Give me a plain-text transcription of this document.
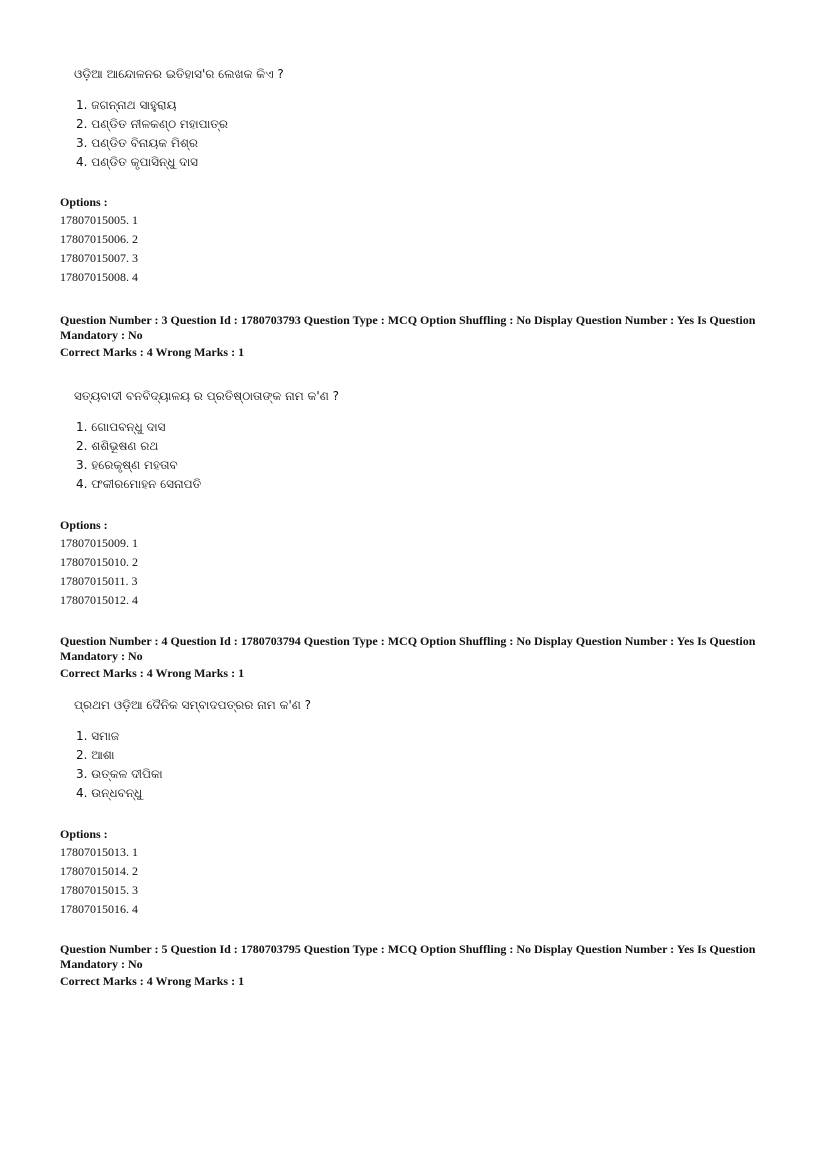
ଓଡ଼ିଆ ଆନ୍ଦୋଳନର ଇତିହାସ'ର ଲେଖକ କିଏ ?
1. ଜଗନ୍ନାଥ ସାହୁରାୟ
2. ପଣ୍ଡିତ ନୀଳକଣ୍ଠ ମହାପାତ୍ର
3. ପଣ୍ଡିତ ବିନାୟକ ମିଶ୍ର
4. ପଣ୍ଡିତ କୃପାସିନ୍ଧୁ ଦାସ
Options :
17807015005. 1
17807015006. 2
17807015007. 3
17807015008. 4
Question Number : 3 Question Id : 1780703793 Question Type : MCQ Option Shuffling : No Display Question Number : Yes Is Question Mandatory : No
Correct Marks : 4 Wrong Marks : 1
ସତ୍ୟବାଦୀ ବନବିଦ୍ୟାଳୟ ର ପ୍ରତିଷ୍ଠାତାଙ୍କ ନାମ କ'ଣ ?
1. ଗୋପବନ୍ଧୁ ଦାସ
2. ଶଶିଭୂଷଣ ରଥ
3. ହରେକୃଷ୍ଣ ମହତାବ
4. ଫକୀରମୋହନ ସେନାପତି
Options :
17807015009. 1
17807015010. 2
17807015011. 3
17807015012. 4
Question Number : 4 Question Id : 1780703794 Question Type : MCQ Option Shuffling : No Display Question Number : Yes Is Question Mandatory : No
Correct Marks : 4 Wrong Marks : 1
ପ୍ରଥମ ଓଡ଼ିଆ ଦୈନିକ ସମ୍ବାଦପତ୍ରର ନାମ କ'ଣ ?
1. ସମାଜ
2. ଆଶା
3. ଉତ୍କଳ ଦୀପିକା
4. ଉନ୍ଧବନ୍ଧୁ
Options :
17807015013. 1
17807015014. 2
17807015015. 3
17807015016. 4
Question Number : 5 Question Id : 1780703795 Question Type : MCQ Option Shuffling : No Display Question Number : Yes Is Question Mandatory : No
Correct Marks : 4 Wrong Marks : 1
